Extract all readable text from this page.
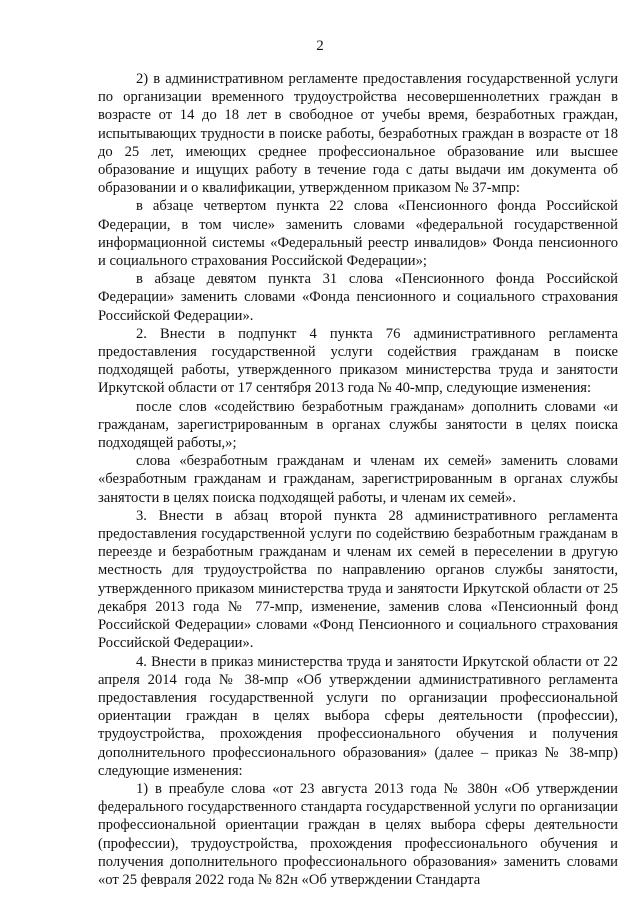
2

2) в административном регламенте предоставления государственной услуги по организации временного трудоустройства несовершеннолетних граждан в возрасте от 14 до 18 лет в свободное от учебы время, безработных граждан, испытывающих трудности в поиске работы, безработных граждан в возрасте от 18 до 25 лет, имеющих среднее профессиональное образование или высшее образование и ищущих работу в течение года с даты выдачи им документа об образовании и о квалификации, утвержденном приказом № 37-мпр:

в абзаце четвертом пункта 22 слова «Пенсионного фонда Российской Федерации, в том числе» заменить словами «федеральной государственной информационной системы «Федеральный реестр инвалидов» Фонда пенсионного и социального страхования Российской Федерации»;

в абзаце девятом пункта 31 слова «Пенсионного фонда Российской Федерации» заменить словами «Фонда пенсионного и социального страхования Российской Федерации».

2. Внести в подпункт 4 пункта 76 административного регламента предоставления государственной услуги содействия гражданам в поиске подходящей работы, утвержденного приказом министерства труда и занятости Иркутской области от 17 сентября 2013 года № 40-мпр, следующие изменения:

после слов «содействию безработным гражданам» дополнить словами «и гражданам, зарегистрированным в органах службы занятости в целях поиска подходящей работы,»;

слова «безработным гражданам и членам их семей» заменить словами «безработным гражданам и гражданам, зарегистрированным в органах службы занятости в целях поиска подходящей работы, и членам их семей».

3. Внести в абзац второй пункта 28 административного регламента предоставления государственной услуги по содействию безработным гражданам в переезде и безработным гражданам и членам их семей в переселении в другую местность для трудоустройства по направлению органов службы занятости, утвержденного приказом министерства труда и занятости Иркутской области от 25 декабря 2013 года № 77-мпр, изменение, заменив слова «Пенсионный фонд Российской Федерации» словами «Фонд Пенсионного и социального страхования Российской Федерации».

4. Внести в приказ министерства труда и занятости Иркутской области от 22 апреля 2014 года № 38-мпр «Об утверждении административного регламента предоставления государственной услуги по организации профессиональной ориентации граждан в целях выбора сферы деятельности (профессии), трудоустройства, прохождения профессионального обучения и получения дополнительного профессионального образования» (далее – приказ № 38-мпр) следующие изменения:

1) в преабуле слова «от 23 августа 2013 года № 380н «Об утверждении федерального государственного стандарта государственной услуги по организации профессиональной ориентации граждан в целях выбора сферы деятельности (профессии), трудоустройства, прохождения профессионального обучения и получения дополнительного профессионального образования» заменить словами «от 25 февраля 2022 года № 82н «Об утверждении Стандарта
